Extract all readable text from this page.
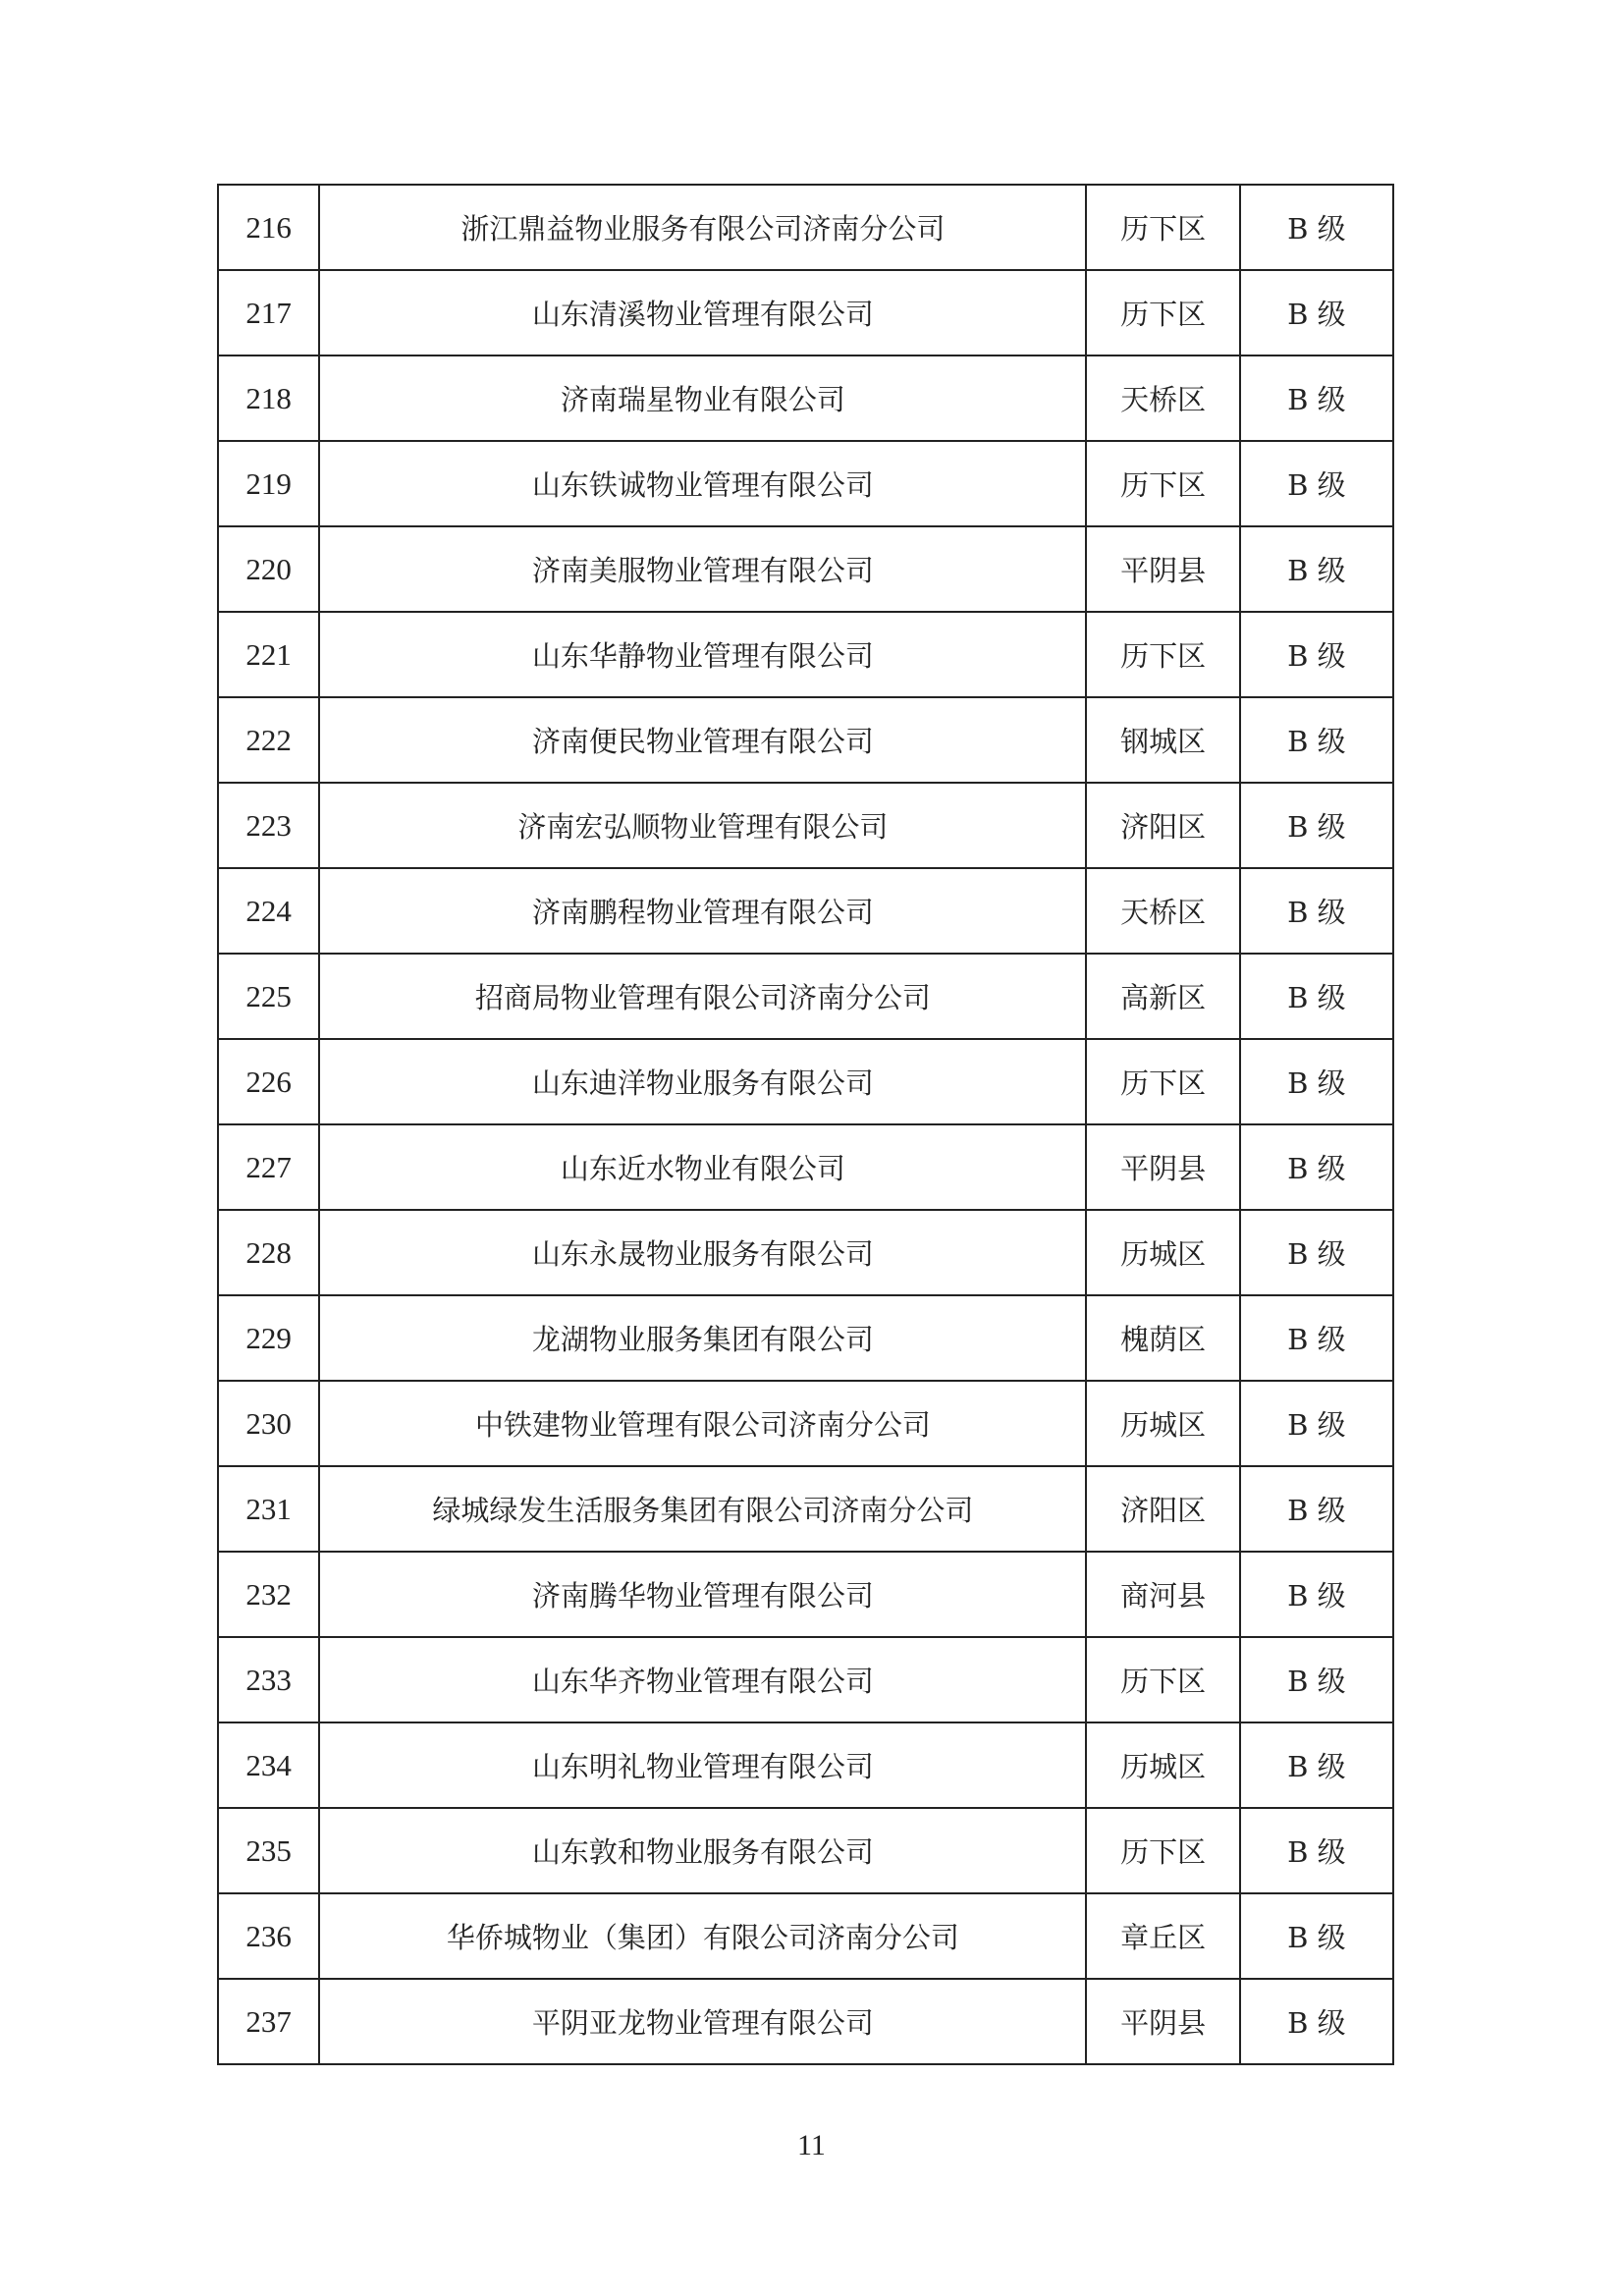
216	浙江鼎益物业服务有限公司济南分公司	历下区	B 级
217	山东清溪物业管理有限公司	历下区	B 级
218	济南瑞星物业有限公司	天桥区	B 级
219	山东铁诚物业管理有限公司	历下区	B 级
220	济南美服物业管理有限公司	平阴县	B 级
221	山东华静物业管理有限公司	历下区	B 级
222	济南便民物业管理有限公司	钢城区	B 级
223	济南宏弘顺物业管理有限公司	济阳区	B 级
224	济南鹏程物业管理有限公司	天桥区	B 级
225	招商局物业管理有限公司济南分公司	高新区	B 级
226	山东迪洋物业服务有限公司	历下区	B 级
227	山东近水物业有限公司	平阴县	B 级
228	山东永晟物业服务有限公司	历城区	B 级
229	龙湖物业服务集团有限公司	槐荫区	B 级
230	中铁建物业管理有限公司济南分公司	历城区	B 级
231	绿城绿发生活服务集团有限公司济南分公司	济阳区	B 级
232	济南腾华物业管理有限公司	商河县	B 级
233	山东华齐物业管理有限公司	历下区	B 级
234	山东明礼物业管理有限公司	历城区	B 级
235	山东敦和物业服务有限公司	历下区	B 级
236	华侨城物业（集团）有限公司济南分公司	章丘区	B 级
237	平阴亚龙物业管理有限公司	平阴县	B 级
11
